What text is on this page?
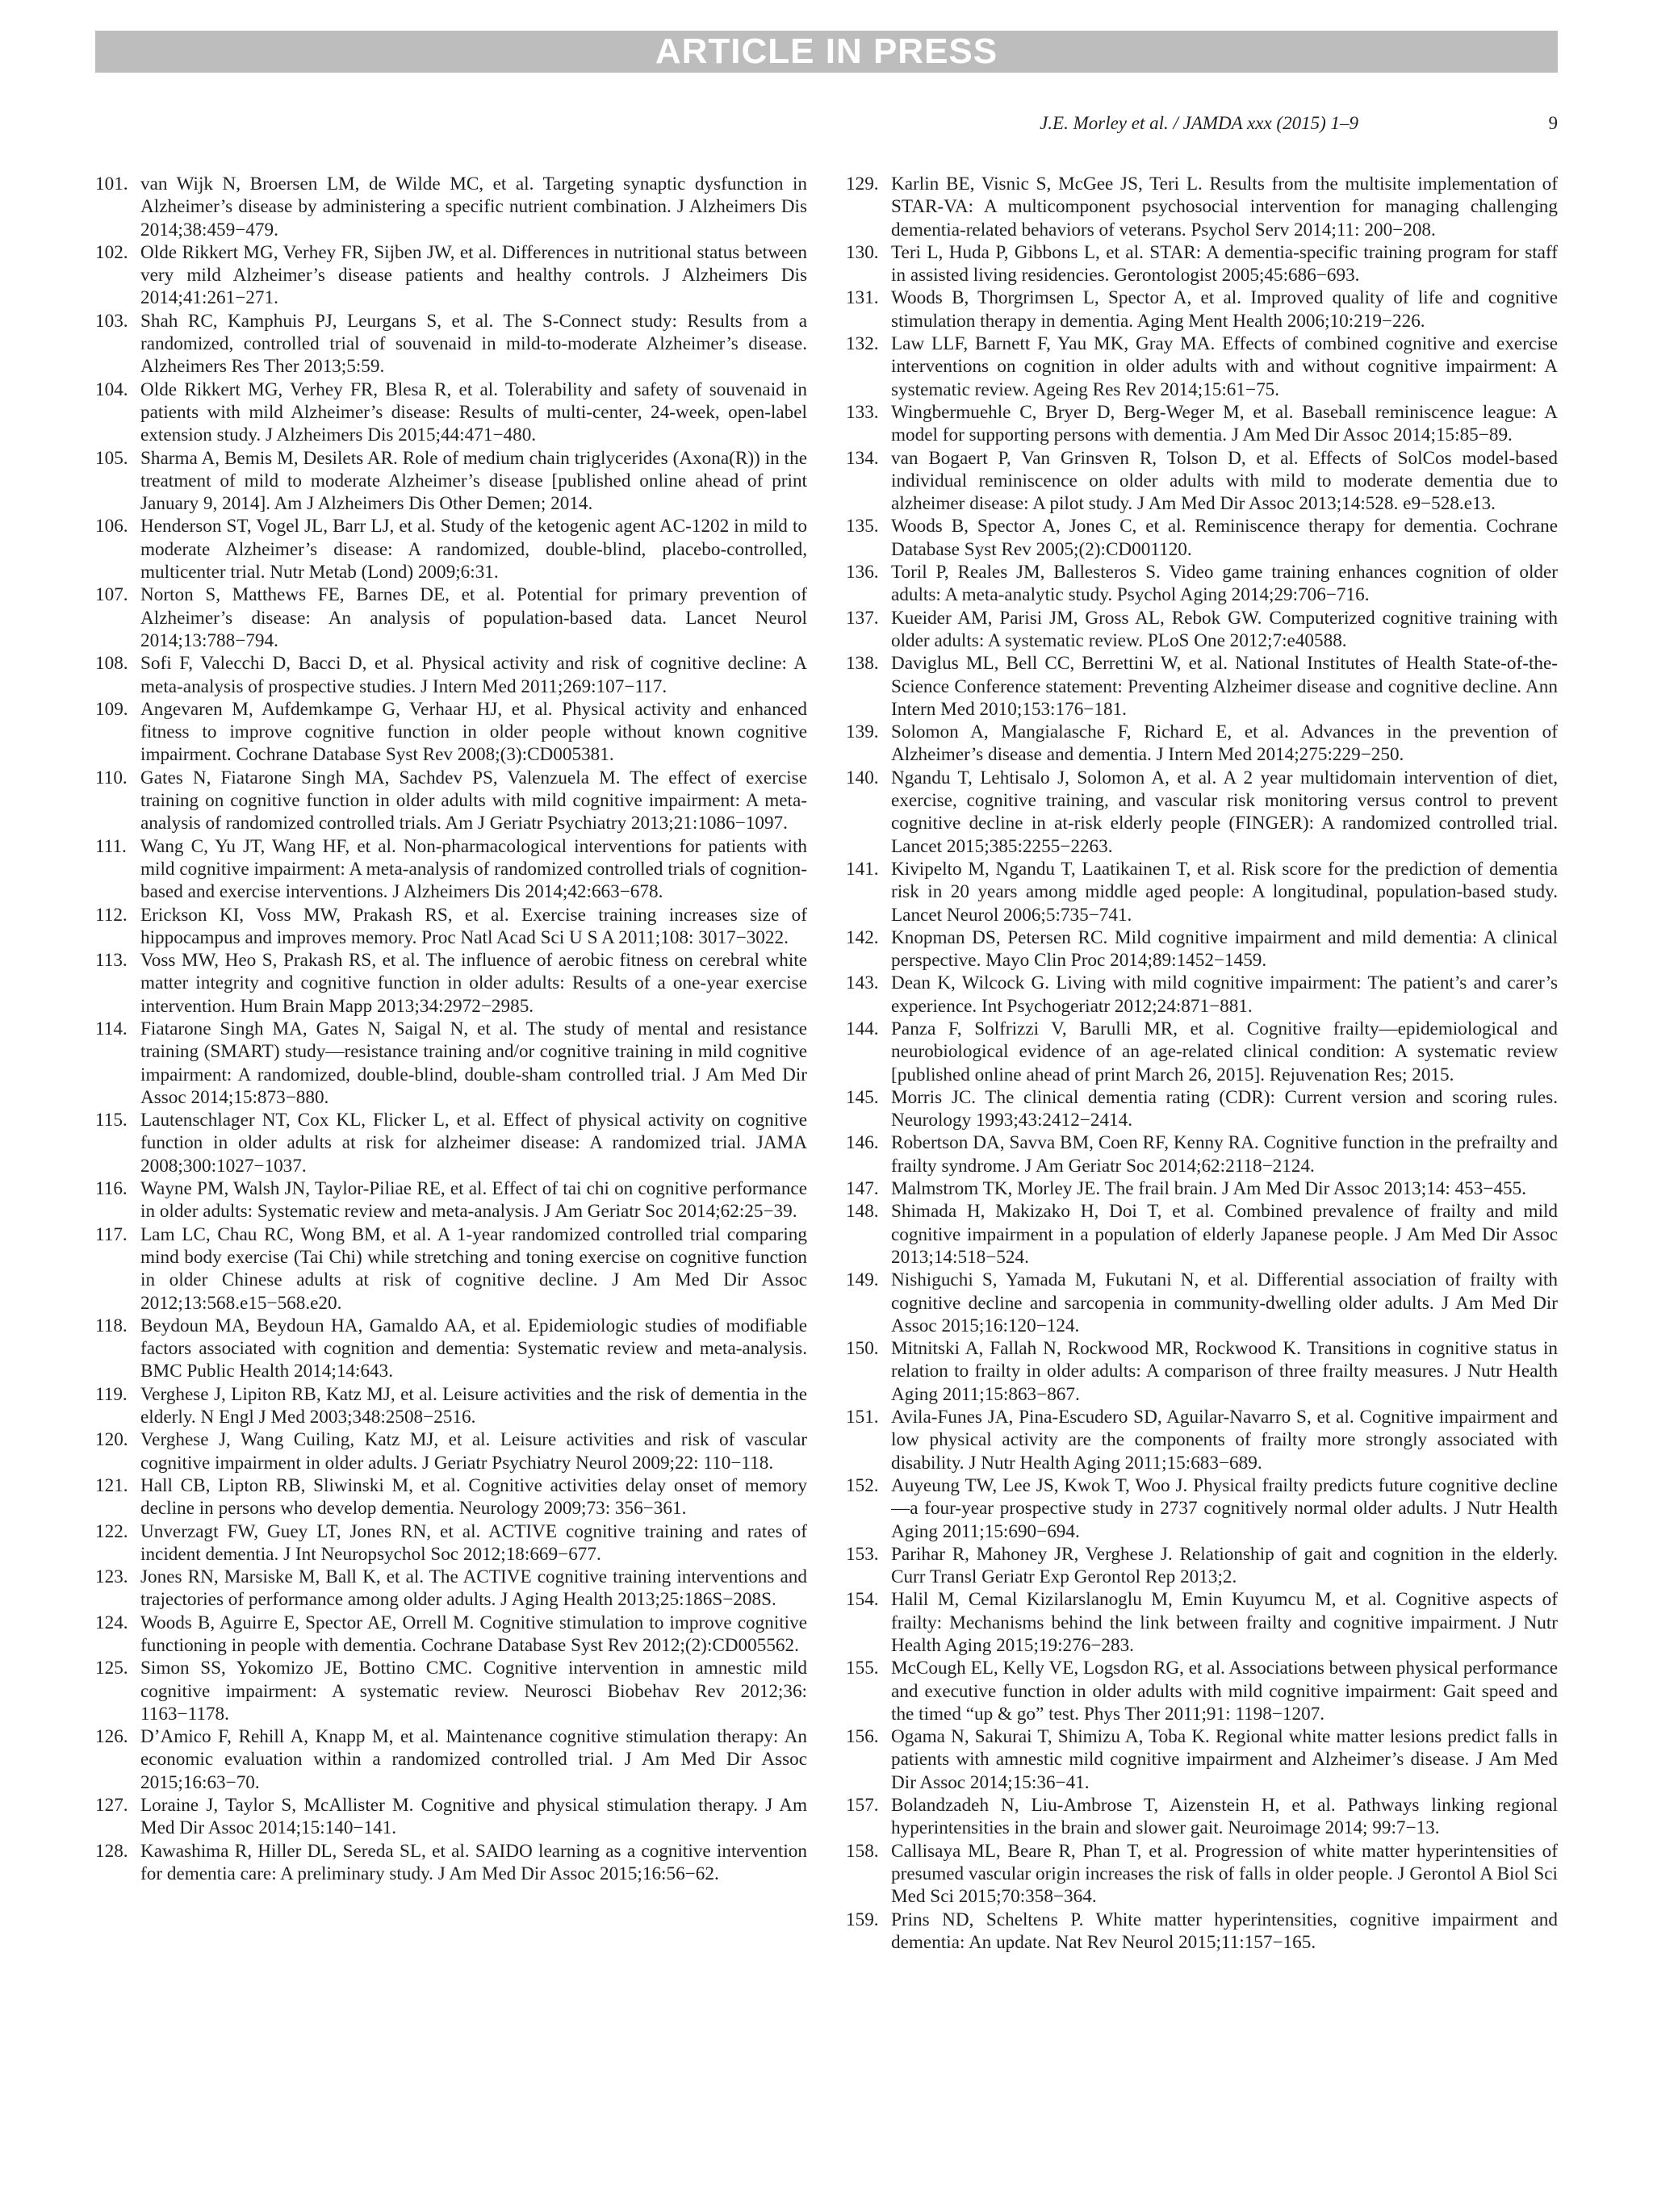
ARTICLE IN PRESS
J.E. Morley et al. / JAMDA xxx (2015) 1–9	9
101. van Wijk N, Broersen LM, de Wilde MC, et al. Targeting synaptic dysfunction in Alzheimer’s disease by administering a specific nutrient combination. J Alzheimers Dis 2014;38:459−479.
102. Olde Rikkert MG, Verhey FR, Sijben JW, et al. Differences in nutritional status between very mild Alzheimer’s disease patients and healthy controls. J Alzheimers Dis 2014;41:261−271.
103. Shah RC, Kamphuis PJ, Leurgans S, et al. The S-Connect study: Results from a randomized, controlled trial of souvenaid in mild-to-moderate Alzheimer’s disease. Alzheimers Res Ther 2013;5:59.
104. Olde Rikkert MG, Verhey FR, Blesa R, et al. Tolerability and safety of souvenaid in patients with mild Alzheimer’s disease: Results of multi-center, 24-week, open-label extension study. J Alzheimers Dis 2015;44:471−480.
105. Sharma A, Bemis M, Desilets AR. Role of medium chain triglycerides (Axona(R)) in the treatment of mild to moderate Alzheimer’s disease [published online ahead of print January 9, 2014]. Am J Alzheimers Dis Other Demen; 2014.
106. Henderson ST, Vogel JL, Barr LJ, et al. Study of the ketogenic agent AC-1202 in mild to moderate Alzheimer’s disease: A randomized, double-blind, placebo-controlled, multicenter trial. Nutr Metab (Lond) 2009;6:31.
107. Norton S, Matthews FE, Barnes DE, et al. Potential for primary prevention of Alzheimer’s disease: An analysis of population-based data. Lancet Neurol 2014;13:788−794.
108. Sofi F, Valecchi D, Bacci D, et al. Physical activity and risk of cognitive decline: A meta-analysis of prospective studies. J Intern Med 2011;269:107−117.
109. Angevaren M, Aufdemkampe G, Verhaar HJ, et al. Physical activity and enhanced fitness to improve cognitive function in older people without known cognitive impairment. Cochrane Database Syst Rev 2008;(3):CD005381.
110. Gates N, Fiatarone Singh MA, Sachdev PS, Valenzuela M. The effect of exercise training on cognitive function in older adults with mild cognitive impairment: A meta-analysis of randomized controlled trials. Am J Geriatr Psychiatry 2013;21:1086−1097.
111. Wang C, Yu JT, Wang HF, et al. Non-pharmacological interventions for patients with mild cognitive impairment: A meta-analysis of randomized controlled trials of cognition-based and exercise interventions. J Alzheimers Dis 2014;42:663−678.
112. Erickson KI, Voss MW, Prakash RS, et al. Exercise training increases size of hippocampus and improves memory. Proc Natl Acad Sci U S A 2011;108: 3017−3022.
113. Voss MW, Heo S, Prakash RS, et al. The influence of aerobic fitness on cerebral white matter integrity and cognitive function in older adults: Results of a one-year exercise intervention. Hum Brain Mapp 2013;34:2972−2985.
114. Fiatarone Singh MA, Gates N, Saigal N, et al. The study of mental and resistance training (SMART) study—resistance training and/or cognitive training in mild cognitive impairment: A randomized, double-blind, double-sham controlled trial. J Am Med Dir Assoc 2014;15:873−880.
115. Lautenschlager NT, Cox KL, Flicker L, et al. Effect of physical activity on cognitive function in older adults at risk for alzheimer disease: A randomized trial. JAMA 2008;300:1027−1037.
116. Wayne PM, Walsh JN, Taylor-Piliae RE, et al. Effect of tai chi on cognitive performance in older adults: Systematic review and meta-analysis. J Am Geriatr Soc 2014;62:25−39.
117. Lam LC, Chau RC, Wong BM, et al. A 1-year randomized controlled trial comparing mind body exercise (Tai Chi) while stretching and toning exercise on cognitive function in older Chinese adults at risk of cognitive decline. J Am Med Dir Assoc 2012;13:568.e15−568.e20.
118. Beydoun MA, Beydoun HA, Gamaldo AA, et al. Epidemiologic studies of modifiable factors associated with cognition and dementia: Systematic review and meta-analysis. BMC Public Health 2014;14:643.
119. Verghese J, Lipiton RB, Katz MJ, et al. Leisure activities and the risk of dementia in the elderly. N Engl J Med 2003;348:2508−2516.
120. Verghese J, Wang Cuiling, Katz MJ, et al. Leisure activities and risk of vascular cognitive impairment in older adults. J Geriatr Psychiatry Neurol 2009;22: 110−118.
121. Hall CB, Lipton RB, Sliwinski M, et al. Cognitive activities delay onset of memory decline in persons who develop dementia. Neurology 2009;73: 356−361.
122. Unverzagt FW, Guey LT, Jones RN, et al. ACTIVE cognitive training and rates of incident dementia. J Int Neuropsychol Soc 2012;18:669−677.
123. Jones RN, Marsiske M, Ball K, et al. The ACTIVE cognitive training interventions and trajectories of performance among older adults. J Aging Health 2013;25:186S−208S.
124. Woods B, Aguirre E, Spector AE, Orrell M. Cognitive stimulation to improve cognitive functioning in people with dementia. Cochrane Database Syst Rev 2012;(2):CD005562.
125. Simon SS, Yokomizo JE, Bottino CMC. Cognitive intervention in amnestic mild cognitive impairment: A systematic review. Neurosci Biobehav Rev 2012;36: 1163−1178.
126. D’Amico F, Rehill A, Knapp M, et al. Maintenance cognitive stimulation therapy: An economic evaluation within a randomized controlled trial. J Am Med Dir Assoc 2015;16:63−70.
127. Loraine J, Taylor S, McAllister M. Cognitive and physical stimulation therapy. J Am Med Dir Assoc 2014;15:140−141.
128. Kawashima R, Hiller DL, Sereda SL, et al. SAIDO learning as a cognitive intervention for dementia care: A preliminary study. J Am Med Dir Assoc 2015;16:56−62.
129. Karlin BE, Visnic S, McGee JS, Teri L. Results from the multisite implementation of STAR-VA: A multicomponent psychosocial intervention for managing challenging dementia-related behaviors of veterans. Psychol Serv 2014;11: 200−208.
130. Teri L, Huda P, Gibbons L, et al. STAR: A dementia-specific training program for staff in assisted living residencies. Gerontologist 2005;45:686−693.
131. Woods B, Thorgrimsen L, Spector A, et al. Improved quality of life and cognitive stimulation therapy in dementia. Aging Ment Health 2006;10:219−226.
132. Law LLF, Barnett F, Yau MK, Gray MA. Effects of combined cognitive and exercise interventions on cognition in older adults with and without cognitive impairment: A systematic review. Ageing Res Rev 2014;15:61−75.
133. Wingbermuehle C, Bryer D, Berg-Weger M, et al. Baseball reminiscence league: A model for supporting persons with dementia. J Am Med Dir Assoc 2014;15:85−89.
134. van Bogaert P, Van Grinsven R, Tolson D, et al. Effects of SolCos model-based individual reminiscence on older adults with mild to moderate dementia due to alzheimer disease: A pilot study. J Am Med Dir Assoc 2013;14:528. e9−528.e13.
135. Woods B, Spector A, Jones C, et al. Reminiscence therapy for dementia. Cochrane Database Syst Rev 2005;(2):CD001120.
136. Toril P, Reales JM, Ballesteros S. Video game training enhances cognition of older adults: A meta-analytic study. Psychol Aging 2014;29:706−716.
137. Kueider AM, Parisi JM, Gross AL, Rebok GW. Computerized cognitive training with older adults: A systematic review. PLoS One 2012;7:e40588.
138. Daviglus ML, Bell CC, Berrettini W, et al. National Institutes of Health State-of-the-Science Conference statement: Preventing Alzheimer disease and cognitive decline. Ann Intern Med 2010;153:176−181.
139. Solomon A, Mangialasche F, Richard E, et al. Advances in the prevention of Alzheimer’s disease and dementia. J Intern Med 2014;275:229−250.
140. Ngandu T, Lehtisalo J, Solomon A, et al. A 2 year multidomain intervention of diet, exercise, cognitive training, and vascular risk monitoring versus control to prevent cognitive decline in at-risk elderly people (FINGER): A randomized controlled trial. Lancet 2015;385:2255−2263.
141. Kivipelto M, Ngandu T, Laatikainen T, et al. Risk score for the prediction of dementia risk in 20 years among middle aged people: A longitudinal, population-based study. Lancet Neurol 2006;5:735−741.
142. Knopman DS, Petersen RC. Mild cognitive impairment and mild dementia: A clinical perspective. Mayo Clin Proc 2014;89:1452−1459.
143. Dean K, Wilcock G. Living with mild cognitive impairment: The patient’s and carer’s experience. Int Psychogeriatr 2012;24:871−881.
144. Panza F, Solfrizzi V, Barulli MR, et al. Cognitive frailty—epidemiological and neurobiological evidence of an age-related clinical condition: A systematic review [published online ahead of print March 26, 2015]. Rejuvenation Res; 2015.
145. Morris JC. The clinical dementia rating (CDR): Current version and scoring rules. Neurology 1993;43:2412−2414.
146. Robertson DA, Savva BM, Coen RF, Kenny RA. Cognitive function in the prefrailty and frailty syndrome. J Am Geriatr Soc 2014;62:2118−2124.
147. Malmstrom TK, Morley JE. The frail brain. J Am Med Dir Assoc 2013;14: 453−455.
148. Shimada H, Makizako H, Doi T, et al. Combined prevalence of frailty and mild cognitive impairment in a population of elderly Japanese people. J Am Med Dir Assoc 2013;14:518−524.
149. Nishiguchi S, Yamada M, Fukutani N, et al. Differential association of frailty with cognitive decline and sarcopenia in community-dwelling older adults. J Am Med Dir Assoc 2015;16:120−124.
150. Mitnitski A, Fallah N, Rockwood MR, Rockwood K. Transitions in cognitive status in relation to frailty in older adults: A comparison of three frailty measures. J Nutr Health Aging 2011;15:863−867.
151. Avila-Funes JA, Pina-Escudero SD, Aguilar-Navarro S, et al. Cognitive impairment and low physical activity are the components of frailty more strongly associated with disability. J Nutr Health Aging 2011;15:683−689.
152. Auyeung TW, Lee JS, Kwok T, Woo J. Physical frailty predicts future cognitive decline—a four-year prospective study in 2737 cognitively normal older adults. J Nutr Health Aging 2011;15:690−694.
153. Parihar R, Mahoney JR, Verghese J. Relationship of gait and cognition in the elderly. Curr Transl Geriatr Exp Gerontol Rep 2013;2.
154. Halil M, Cemal Kizilarslanoglu M, Emin Kuyumcu M, et al. Cognitive aspects of frailty: Mechanisms behind the link between frailty and cognitive impairment. J Nutr Health Aging 2015;19:276−283.
155. McCough EL, Kelly VE, Logsdon RG, et al. Associations between physical performance and executive function in older adults with mild cognitive impairment: Gait speed and the timed “up & go” test. Phys Ther 2011;91: 1198−1207.
156. Ogama N, Sakurai T, Shimizu A, Toba K. Regional white matter lesions predict falls in patients with amnestic mild cognitive impairment and Alzheimer’s disease. J Am Med Dir Assoc 2014;15:36−41.
157. Bolandzadeh N, Liu-Ambrose T, Aizenstein H, et al. Pathways linking regional hyperintensities in the brain and slower gait. Neuroimage 2014; 99:7−13.
158. Callisaya ML, Beare R, Phan T, et al. Progression of white matter hyperintensities of presumed vascular origin increases the risk of falls in older people. J Gerontol A Biol Sci Med Sci 2015;70:358−364.
159. Prins ND, Scheltens P. White matter hyperintensities, cognitive impairment and dementia: An update. Nat Rev Neurol 2015;11:157−165.
